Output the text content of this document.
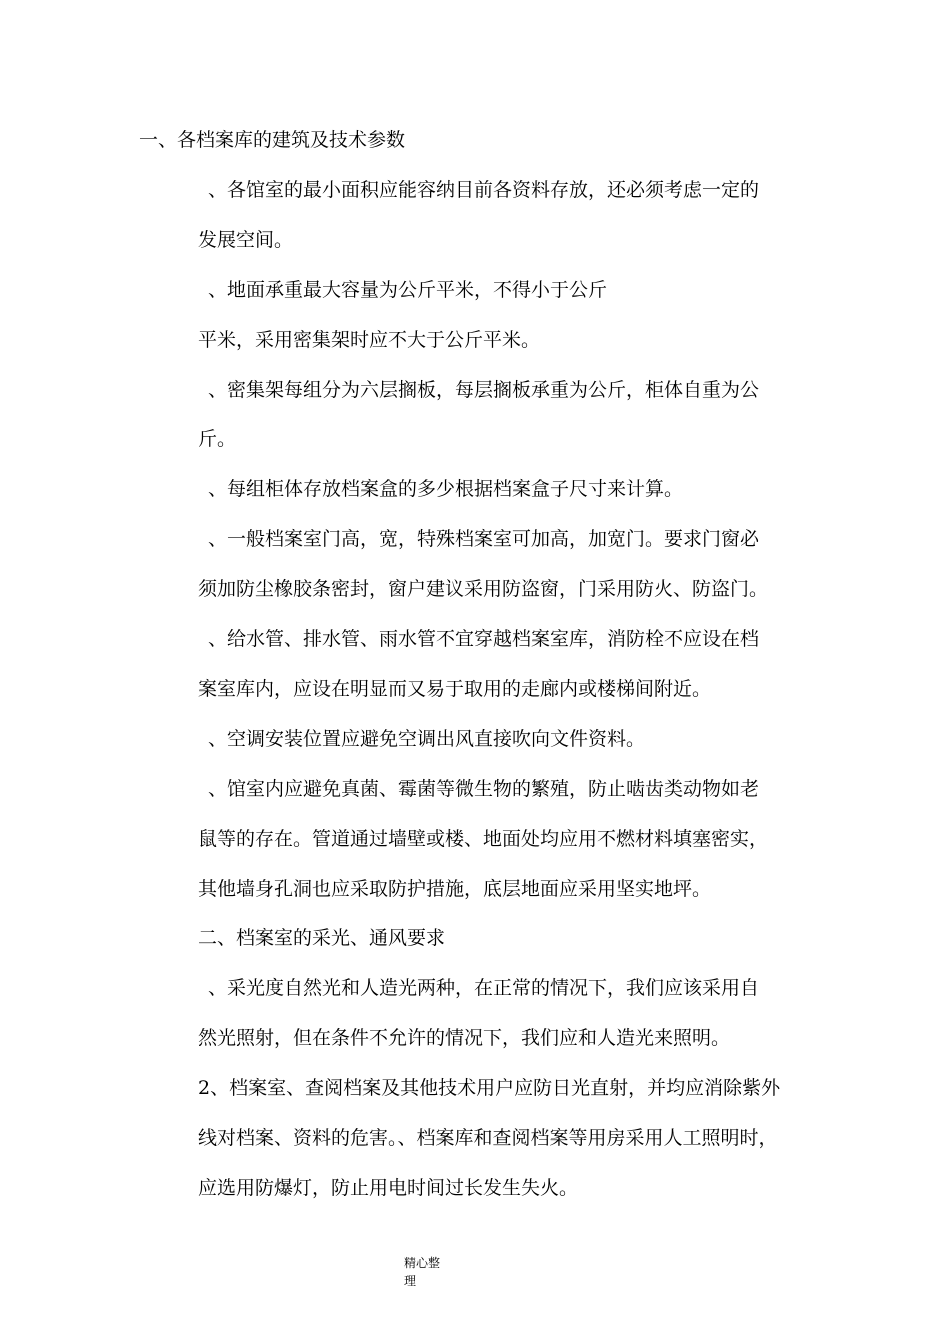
一、各档案库的建筑及技术参数
、各馆室的最小面积应能容纳目前各资料存放，还必须考虑一定的
发展空间。
、地面承重最大容量为公斤平米，不得小于公斤
平米，采用密集架时应不大于公斤平米。
、密集架每组分为六层搁板，每层搁板承重为公斤，柜体自重为公
斤。
、每组柜体存放档案盒的多少根据档案盒子尺寸来计算。
、一般档案室门高，宽，特殊档案室可加高，加宽门。要求门窗必
须加防尘橡胶条密封，窗户建议采用防盗窗，门采用防火、防盗门。
、给水管、排水管、雨水管不宜穿越档案室库，消防栓不应设在档
案室库内，应设在明显而又易于取用的走廊内或楼梯间附近。
、空调安装位置应避免空调出风直接吹向文件资料。
、馆室内应避免真菌、霉菌等微生物的繁殖，防止啮齿类动物如老
鼠等的存在。管道通过墙壁或楼、地面处均应用不燃材料填塞密实，
其他墙身孔洞也应采取防护措施，底层地面应采用坚实地坪。
二、档案室的采光、通风要求
、采光度自然光和人造光两种，在正常的情况下，我们应该采用自
然光照射，但在条件不允许的情况下，我们应和人造光来照明。
2、档案室、查阅档案及其他技术用户应防日光直射，并均应消除紫外
线对档案、资料的危害。、档案库和查阅档案等用房采用人工照明时，
应选用防爆灯，防止用电时间过长发生失火。
精心整
理
